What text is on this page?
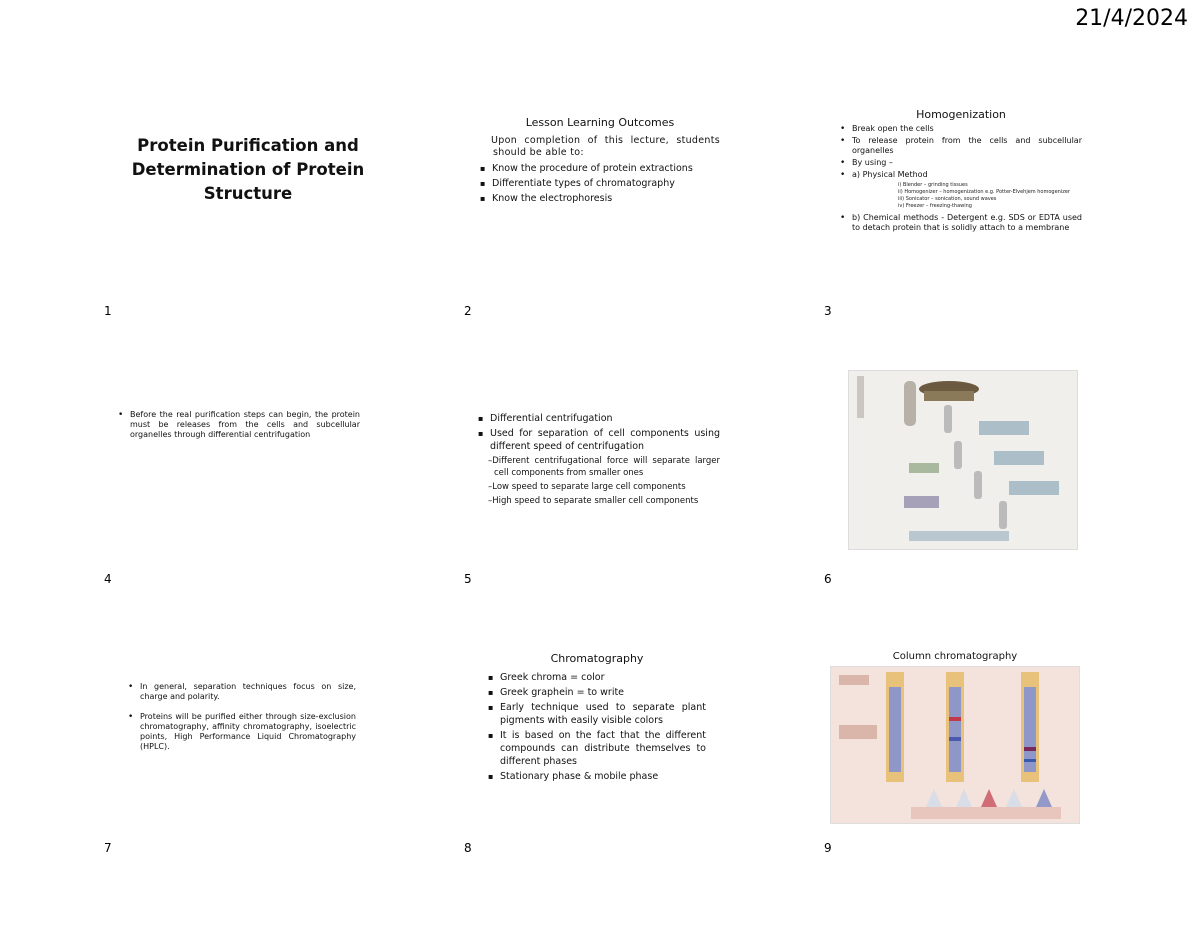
21/4/2024
Protein Purification and Determination of Protein Structure
1
Lesson Learning Outcomes

Upon completion of this lecture, students should be able to:

▪ Know the procedure of protein extractions
▪ Differentiate types of chromatography
▪ Know the electrophoresis
2
Homogenization
• Break open the cells
• To release protein from the cells and subcellular organelles
• By using –
• a) Physical Method
i) Blender – grinding tissues
ii) Homogenizer – homogenization e.g. Potter-Elvehjem homogenizer
iii) Sonicator – sonication, sound waves
iv) Freezer – freezing-thawing
• b) Chemical methods - Detergent e.g. SDS or EDTA used to detach protein that is solidly attach to a membrane
3
• Before the real purification steps can begin, the protein must be releases from the cells and subcellular organelles through differential centrifugation
4
▪ Differential centrifugation
▪ Used for separation of cell components using different speed of centrifugation
–Different centrifugational force will separate larger cell components from smaller ones
–Low speed to separate large cell components
–High speed to separate smaller cell components
5	6
• In general, separation techniques focus on size, charge and polarity.
• Proteins will be purified either through size-exclusion chromatography, affinity chromatography, isoelectric points, High Performance Liquid Chromatography (HPLC).
7
Chromatography
▪ Greek chroma = color
▪ Greek graphein = to write
▪ Early technique used to separate plant pigments with easily visible colors
▪ It is based on the fact that the different compounds can distribute themselves to different phases
▪ Stationary phase & mobile phase
8
Column chromatography
9
